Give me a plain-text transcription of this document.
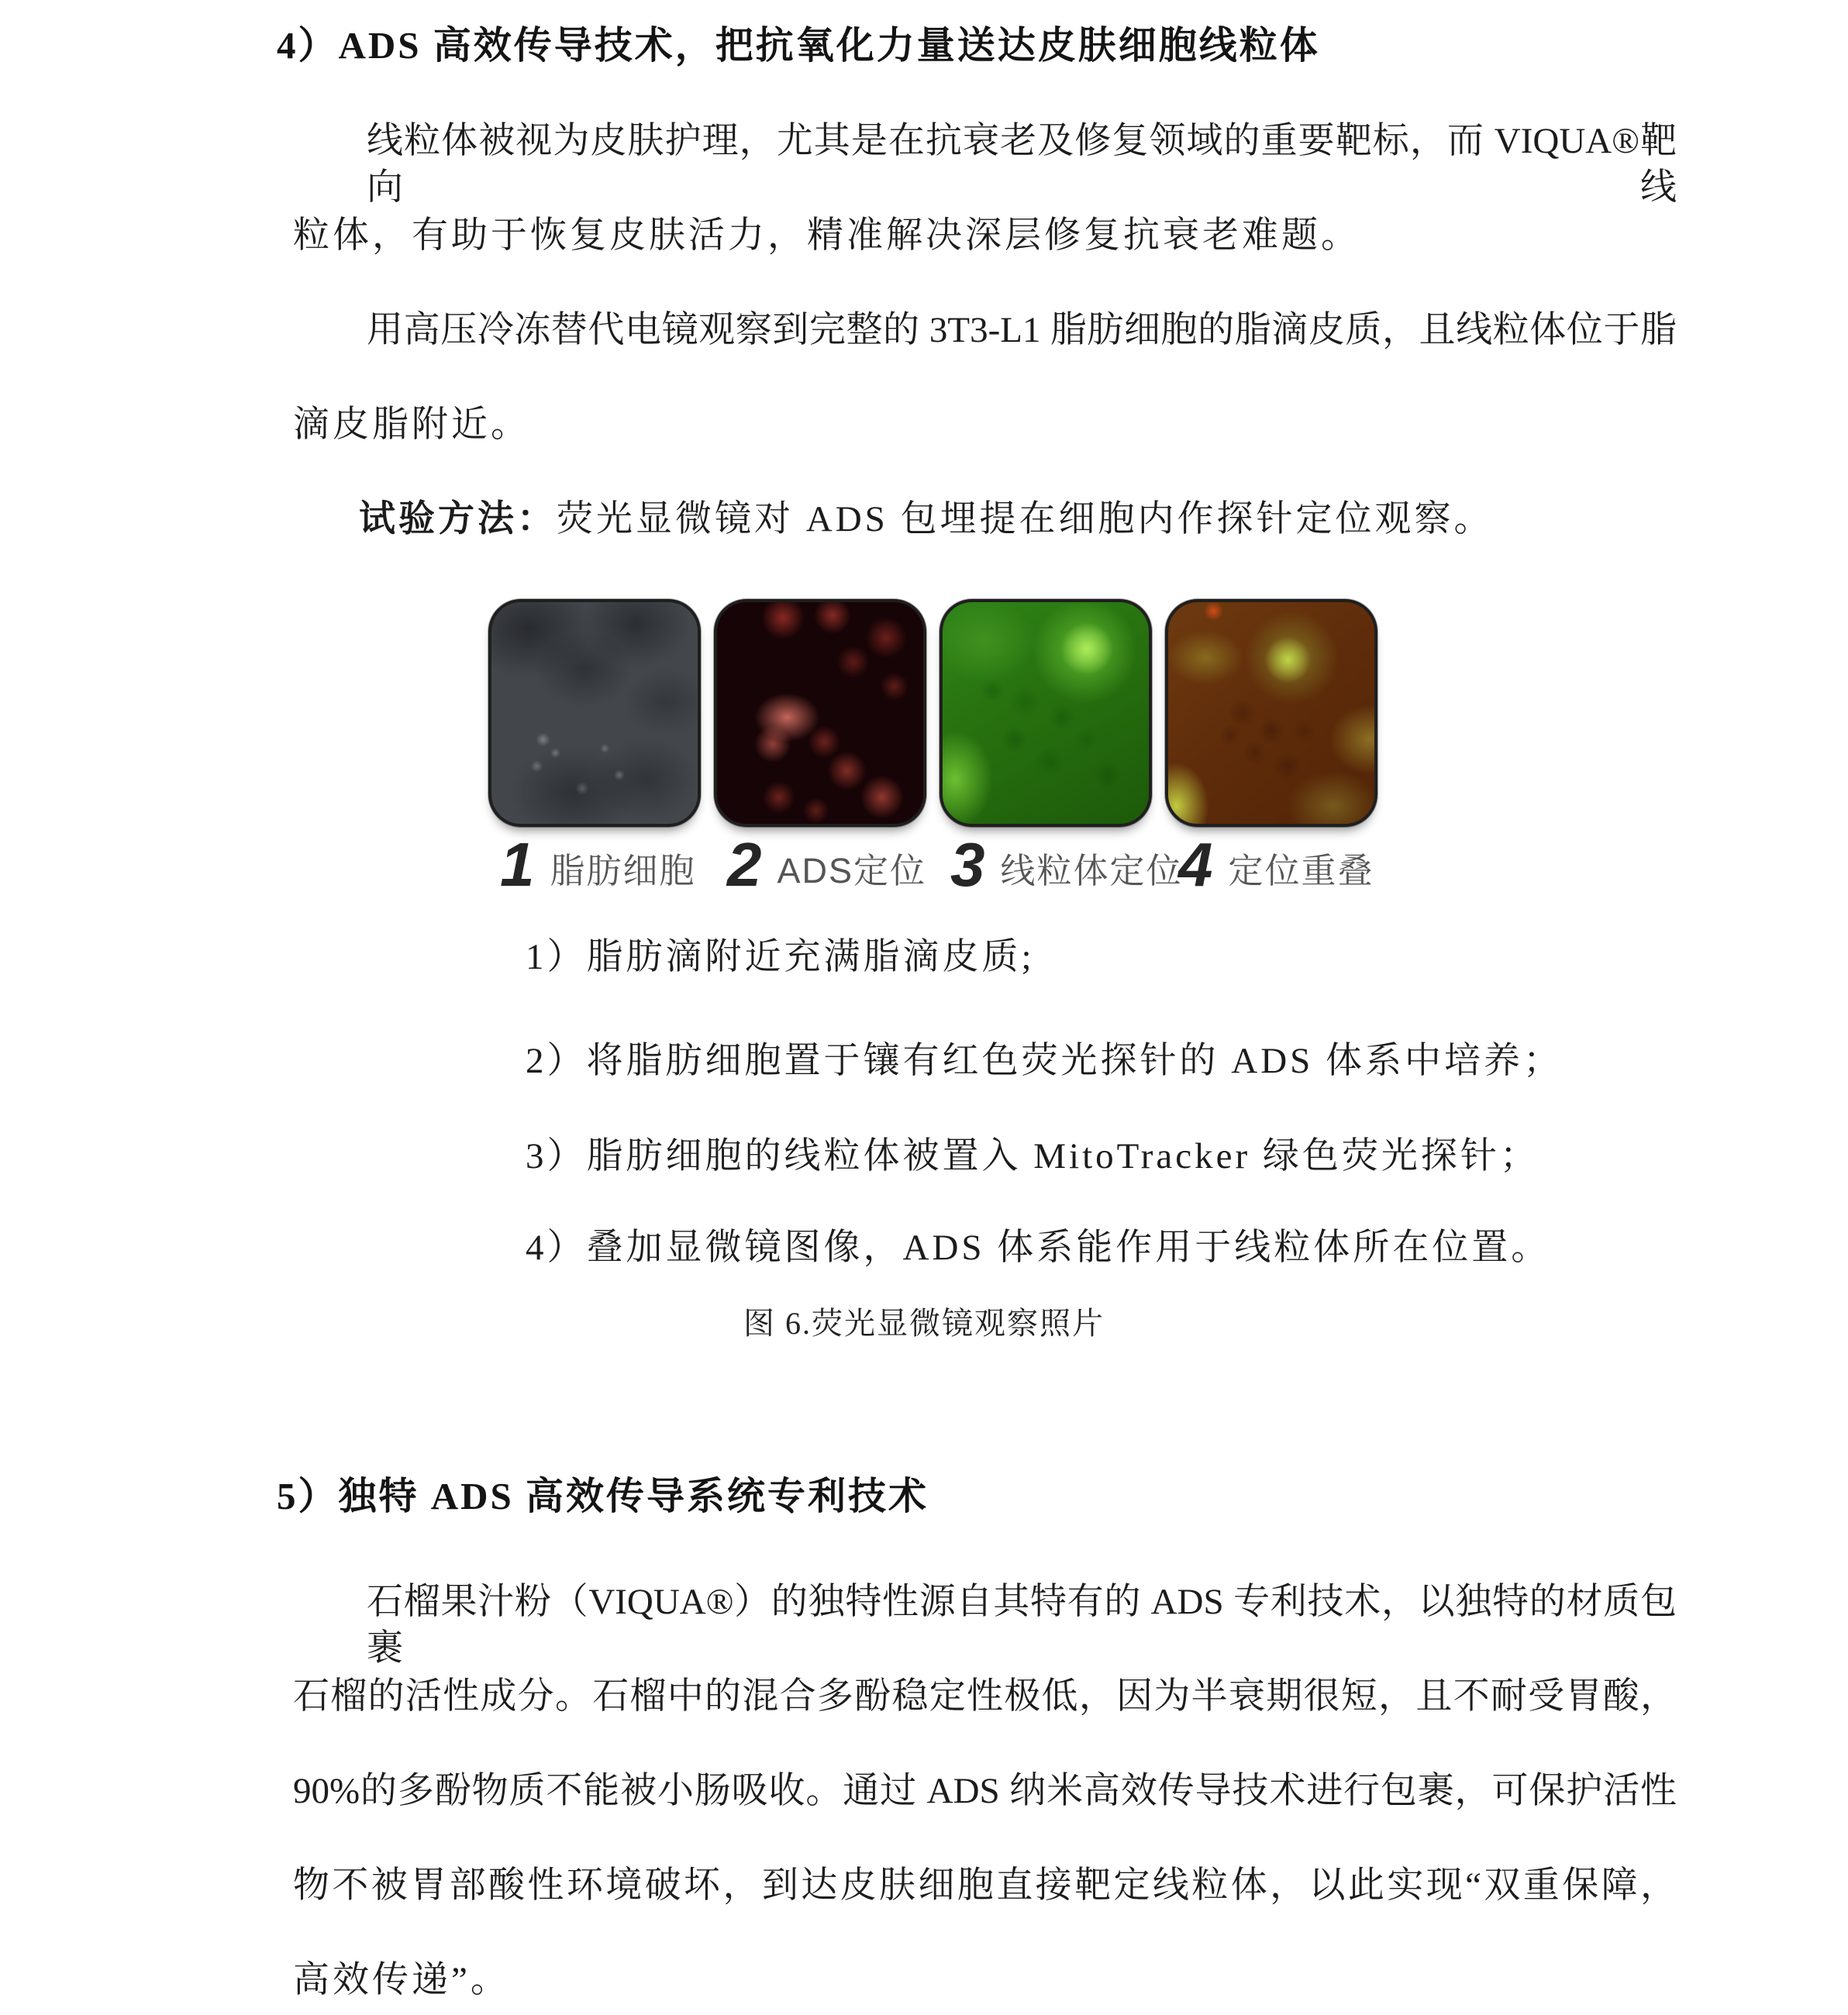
4）ADS 高效传导技术，把抗氧化力量送达皮肤细胞线粒体
线粒体被视为皮肤护理，尤其是在抗衰老及修复领域的重要靶标，而 VIQUA®靶向线
粒体，有助于恢复皮肤活力，精准解决深层修复抗衰老难题。
用高压冷冻替代电镜观察到完整的 3T3-L1 脂肪细胞的脂滴皮质，且线粒体位于脂
滴皮脂附近。
试验方法：荧光显微镜对 ADS 包埋提在细胞内作探针定位观察。
1 脂肪细胞 2 ADS定位 3 线粒体定位
4 定位重叠
1）脂肪滴附近充满脂滴皮质;
2）将脂肪细胞置于镶有红色荧光探针的 ADS 体系中培养；
3）脂肪细胞的线粒体被置入 MitoTracker 绿色荧光探针；
4）叠加显微镜图像，ADS 体系能作用于线粒体所在位置。
图 6.荧光显微镜观察照片
5）独特 ADS 高效传导系统专利技术
石榴果汁粉（VIQUA®）的独特性源自其特有的 ADS 专利技术，以独特的材质包裹
石榴的活性成分。石榴中的混合多酚稳定性极低，因为半衰期很短，且不耐受胃酸，
90%的多酚物质不能被小肠吸收。通过 ADS 纳米高效传导技术进行包裹，可保护活性
物不被胃部酸性环境破坏，到达皮肤细胞直接靶定线粒体，以此实现“双重保障，
高效传递”。
